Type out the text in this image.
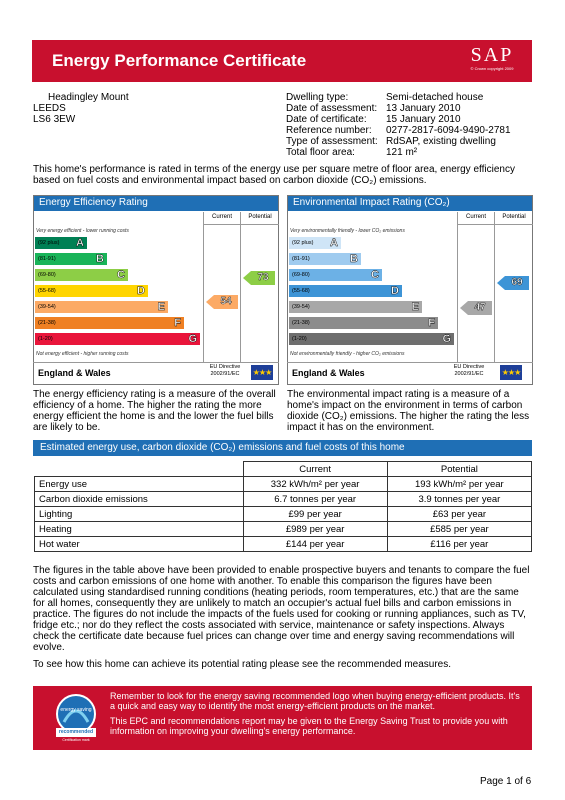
Energy Performance Certificate	SAP
© Crown copyright 2009
Headingley Mount
LEEDS
LS6 3EW
Dwelling type:	Semi-detached house
Date of assessment: 13 January 2010
Date of certificate: 15 January 2010
Reference number: 0277-2817-6094-9490-2781
Type of assessment: RdSAP, existing dwelling
Total floor area:	121 m²
This home's performance is rated in terms of the energy use per square metre of floor area, energy efficiency based on fuel costs and environmental impact based on carbon dioxide (CO₂) emissions.
Energy Efficiency Rating
Current	Potential
Very energy efficient - lower running costs
(92 plus) A
(81-91)	B
(69-80)	C
(55-68)	D
(39-54)	E
(21-38)	F
(1-20)	G
Not energy efficient - higher running costs
54
73
England & Wales
EU Directive 2002/91/EC	★★★
Environmental Impact Rating (CO₂)
Current	Potential
Very environmentally friendly - lower CO₂ emissions
(92 plus) A
(81-91)	B
(69-80)	C
(55-68)	D
(39-54)	E
(21-38)	F
(1-20)	G
Not environmentally friendly - higher CO₂ emissions
47
69
England & Wales
EU Directive 2002/91/EC	★★★
The energy efficiency rating is a measure of the overall efficiency of a home. The higher the rating the more energy efficient the home is and the lower the fuel bills are likely to be.
The environmental impact rating is a measure of a home's impact on the environment in terms of carbon dioxide (CO₂) emissions. The higher the rating the less impact it has on the environment.
Estimated energy use, carbon dioxide (CO₂) emissions and fuel costs of this home
	Current	Potential
Energy use	332 kWh/m² per year	193 kWh/m² per year
Carbon dioxide emissions	6.7 tonnes per year	3.9 tonnes per year
Lighting	£99 per year	£63 per year
Heating	£989 per year	£585 per year
Hot water	£144 per year	£116 per year
The figures in the table above have been provided to enable prospective buyers and tenants to compare the fuel costs and carbon emissions of one home with another. To enable this comparison the figures have been calculated using standardised running conditions (heating periods, room temperatures, etc.) that are the same for all homes, consequently they are unlikely to match an occupier's actual fuel bills and carbon emissions in practice. The figures do not include the impacts of the fuels used for cooking or running appliances, such as TV, fridge etc.; nor do they reflect the costs associated with service, maintenance or safety inspections. Always check the certificate date because fuel prices can change over time and energy saving recommendations will evolve.
To see how this home can achieve its potential rating please see the recommended measures.
energy saving
recommended
Certification mark
Remember to look for the energy saving recommended logo when buying energy-efficient products. It's a quick and easy way to identify the most energy-efficient products on the market.
This EPC and recommendations report may be given to the Energy Saving Trust to provide you with information on improving your dwelling's energy performance.
Page 1 of 6
